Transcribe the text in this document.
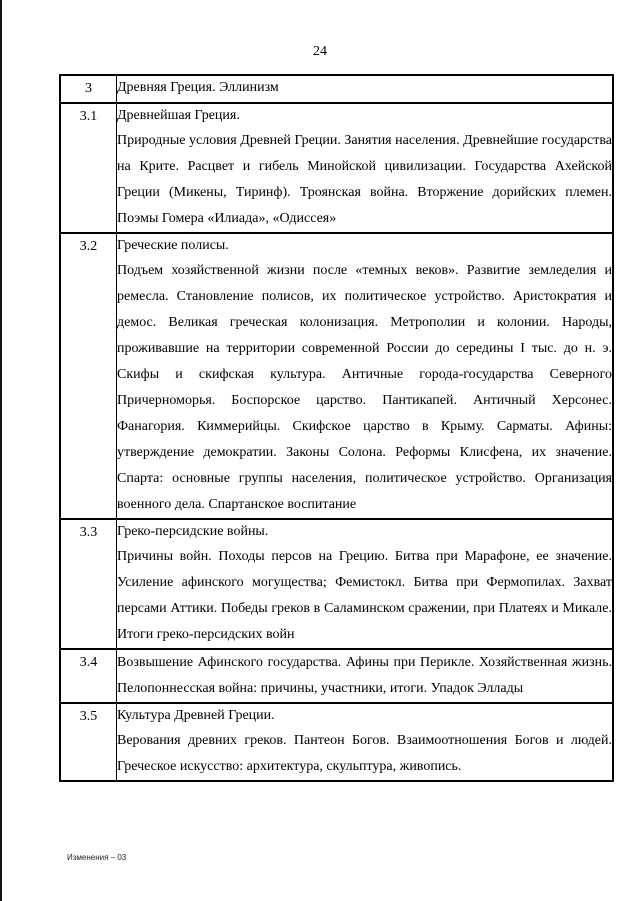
24
3	Древняя Греция. Эллинизм

3.1	Древнейшая Греция.
Природные условия Древней Греции. Занятия населения. Древнейшие государства на Крите. Расцвет и гибель Минойской цивилизации. Государства Ахейской Греции (Микены, Тиринф). Троянская война. Вторжение дорийских племен. Поэмы Гомера «Илиада», «Одиссея»

3.2	Греческие полисы.
Подъем хозяйственной жизни после «темных веков». Развитие земледелия и ремесла. Становление полисов, их политическое устройство. Аристократия и демос. Великая греческая колонизация. Метрополии и колонии. Народы, проживавшие на территории современной России до середины I тыс. до н. э. Скифы и скифская культура. Античные города-государства Северного Причерноморья. Боспорское царство. Пантикапей. Античный Херсонес. Фанагория. Киммерийцы. Скифское царство в Крыму. Сарматы. Афины: утверждение демократии. Законы Солона. Реформы Клисфена, их значение. Спарта: основные группы населения, политическое устройство. Организация военного дела. Спартанское воспитание

3.3	Греко-персидские войны.
Причины войн. Походы персов на Грецию. Битва при Марафоне, ее значение. Усиление афинского могущества; Фемистокл. Битва при Фермопилах. Захват персами Аттики. Победы греков в Саламинском сражении, при Платеях и Микале. Итоги греко-персидских войн

3.4	Возвышение Афинского государства. Афины при Перикле. Хозяйственная жизнь. Пелопоннесская война: причины, участники, итоги. Упадок Эллады

3.5	Культура Древней Греции.
Верования древних греков. Пантеон Богов. Взаимоотношения Богов и людей. Греческое искусство: архитектура, скульптура, живопись.
Изменения – 03
